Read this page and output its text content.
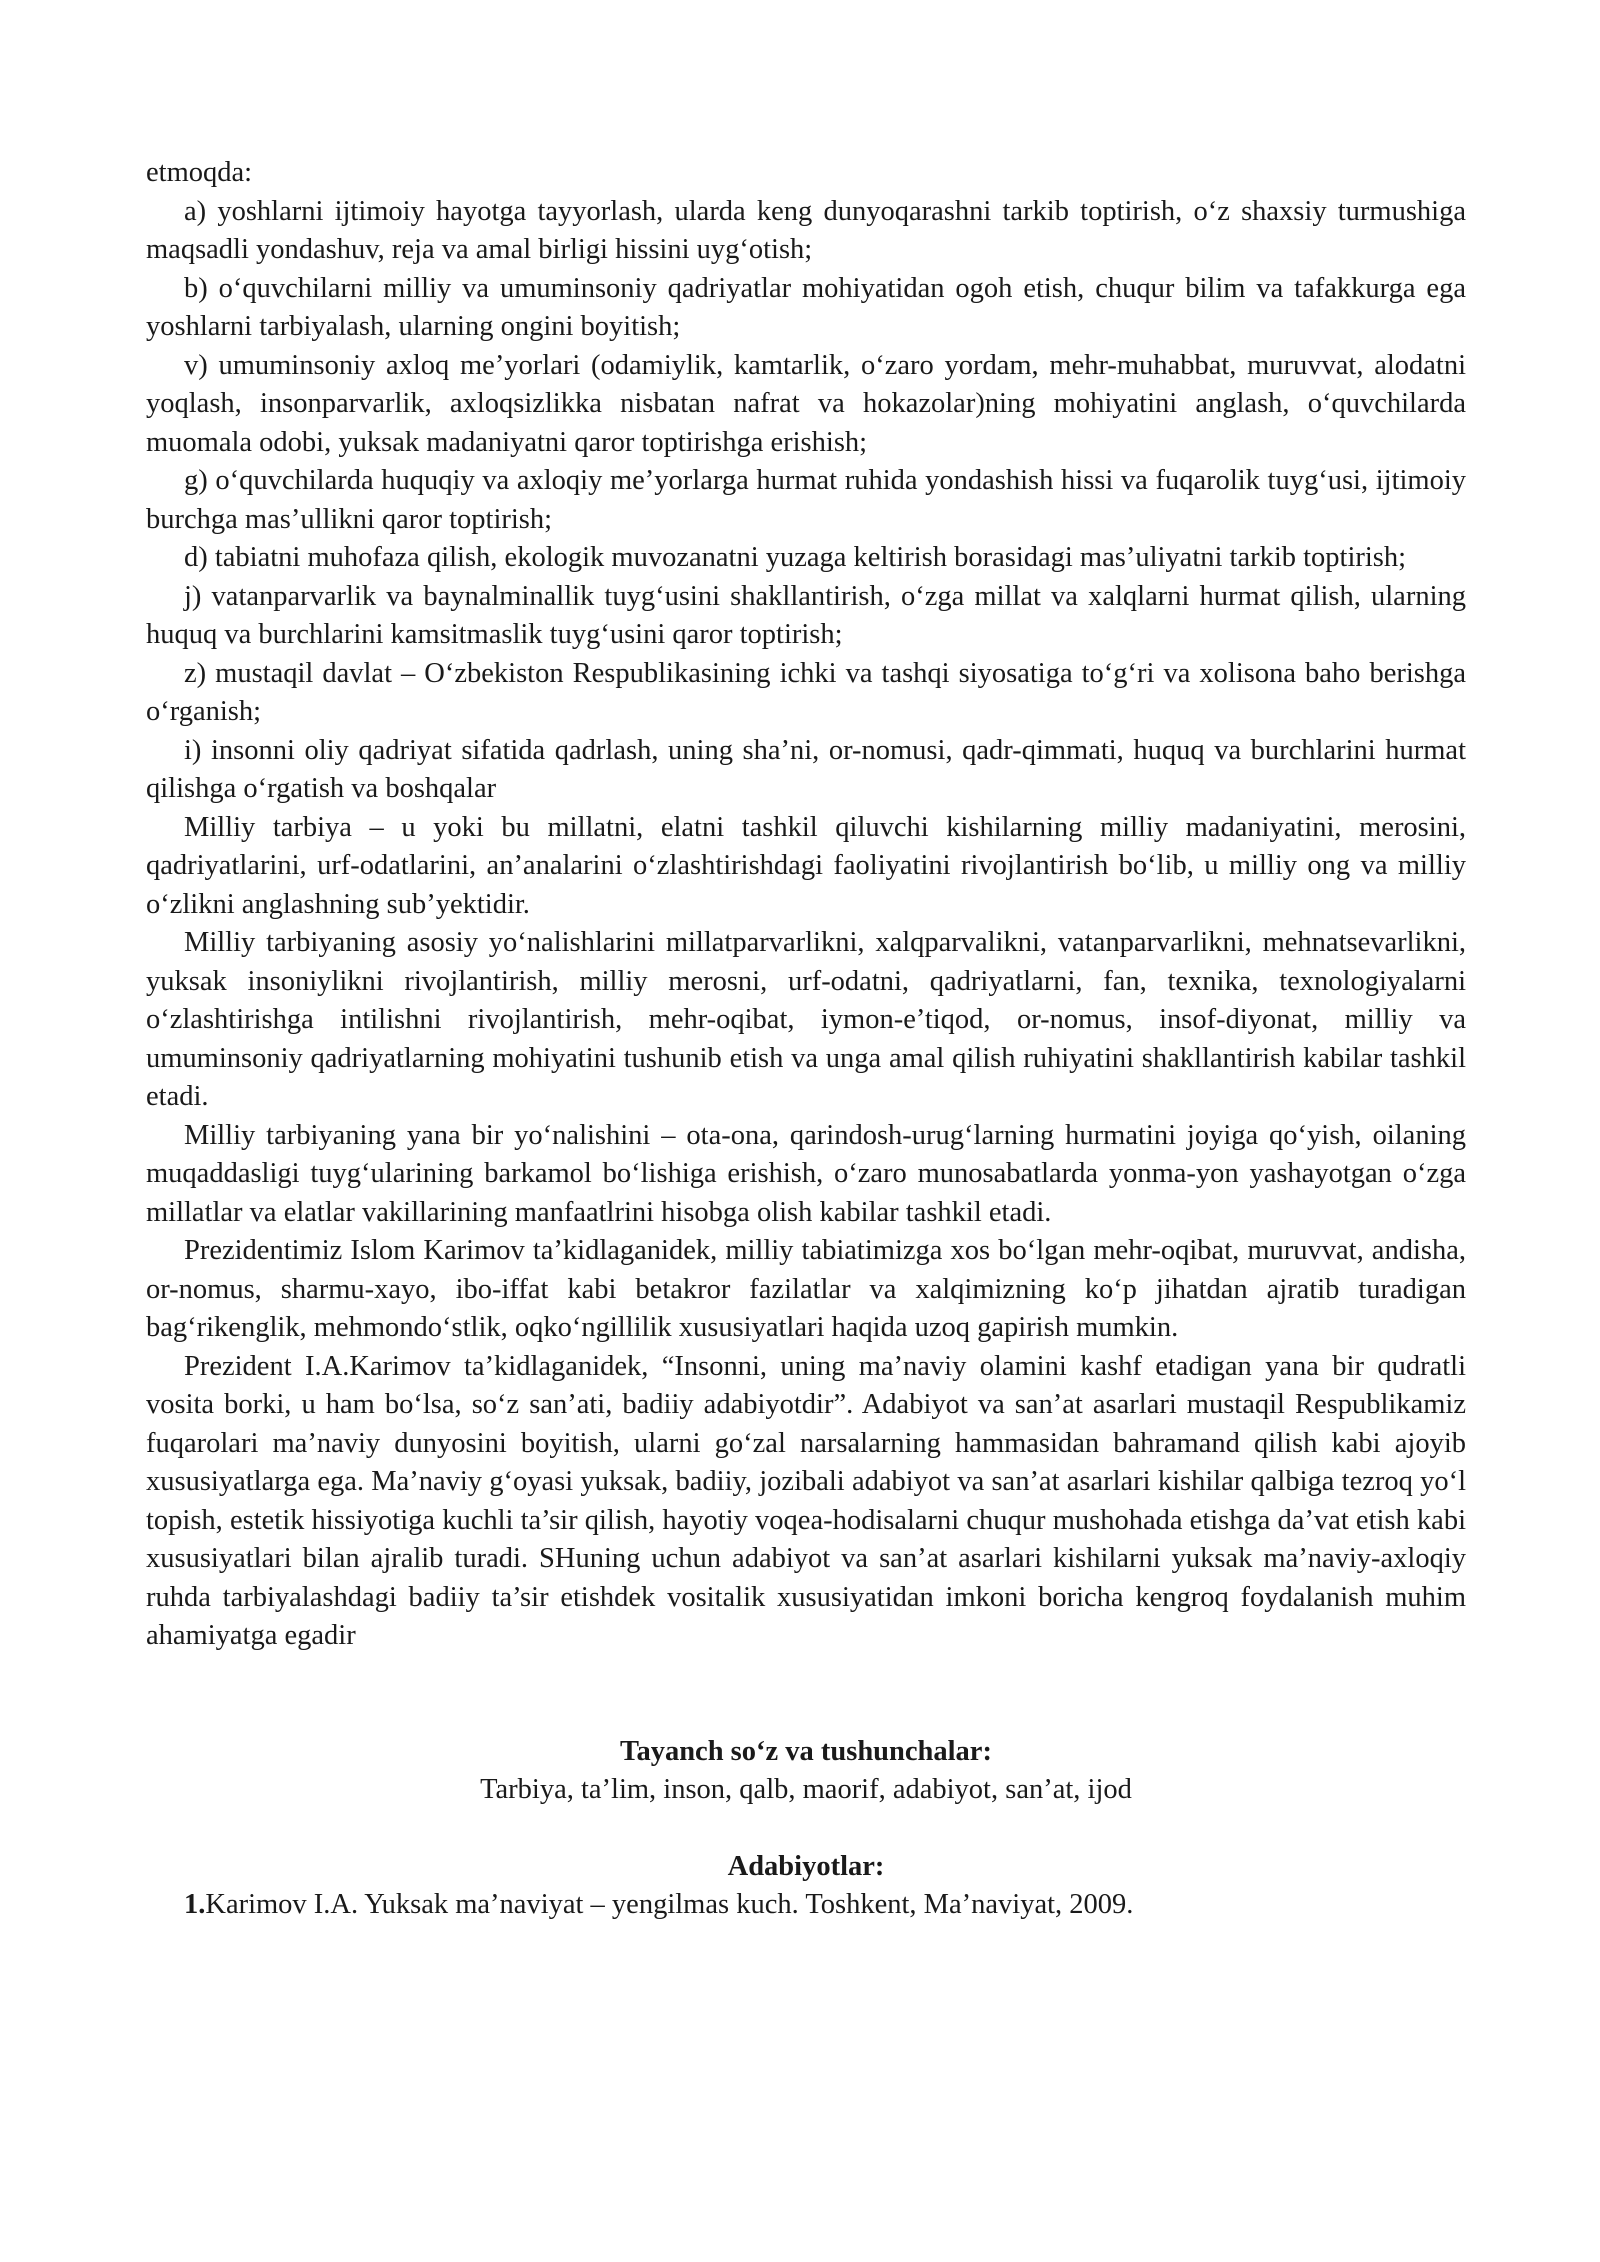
etmoqda:

a) yoshlarni ijtimoiy hayotga tayyorlash, ularda keng dunyoqarashni tarkib toptirish, o‘z shaxsiy turmushiga maqsadli yondashuv, reja va amal birligi hissini uyg‘otish;

b) o‘quvchilarni milliy va umuminsoniy qadriyatlar mohiyatidan ogoh etish, chuqur bilim va tafakkurga ega yoshlarni tarbiyalash, ularning ongini boyitish;

v) umuminsoniy axloq me’yorlari (odamiylik, kamtarlik, o‘zaro yordam, mehr-muhabbat, muruvvat, alodatni yoqlash, insonparvarlik, axloqsizlikka nisbatan nafrat va hokazolar)ning mohiyatini anglash, o‘quvchilarda muomala odobi, yuksak madaniyatni qaror toptirishga erishish;

g) o‘quvchilarda huquqiy va axloqiy me’yorlarga hurmat ruhida yondashish hissi va fuqarolik tuyg‘usi, ijtimoiy burchga mas’ullikni qaror toptirish;

d) tabiatni muhofaza qilish, ekologik muvozanatni yuzaga keltirish borasidagi mas’uliyatni tarkib toptirish;

j) vatanparvarlik va baynalminallik tuyg‘usini shakllantirish, o‘zga millat va xalqlarni hurmat qilish, ularning huquq va burchlarini kamsitmaslik tuyg‘usini qaror toptirish;

z) mustaqil davlat – O‘zbekiston Respublikasining ichki va tashqi siyosatiga to‘g‘ri va xolisona baho berishga o‘rganish;

i) insonni oliy qadriyat sifatida qadrlash, uning sha’ni, or-nomusi, qadr-qimmati, huquq va burchlarini hurmat qilishga o‘rgatish va boshqalar

Milliy tarbiya – u yoki bu millatni, elatni tashkil qiluvchi kishilarning milliy madaniyatini, merosini, qadriyatlarini, urf-odatlarini, an’analarini o‘zlashtirishdagi faoliyatini rivojlantirish bo‘lib, u milliy ong va milliy o‘zlikni anglashning sub’yektidir.

Milliy tarbiyaning asosiy yo‘nalishlarini millatparvarlikni, xalqparvalikni, vatanparvarlikni, mehnatsevarlikni, yuksak insoniylikni rivojlantirish, milliy merosni, urf-odatni, qadriyatlarni, fan, texnika, texnologiyalarni o‘zlashtirishga intilishni rivojlantirish, mehr-oqibat, iymon-e’tiqod, or-nomus, insof-diyonat, milliy va umuminsoniy qadriyatlarning mohiyatini tushunib etish va unga amal qilish ruhiyatini shakllantirish kabilar tashkil etadi.

Milliy tarbiyaning yana bir yo‘nalishini – ota-ona, qarindosh-urug‘larning hurmatini joyiga qo‘yish, oilaning muqaddasligi tuyg‘ularining barkamol bo‘lishiga erishish, o‘zaro munosabatlarda yonma-yon yashayotgan o‘zga millatlar va elatlar vakillarining manfaatlrini hisobga olish kabilar tashkil etadi.

Prezidentimiz Islom Karimov ta’kidlaganidek, milliy tabiatimizga xos bo‘lgan mehr-oqibat, muruvvat, andisha, or-nomus, sharmu-xayo, ibo-iffat kabi betakror fazilatlar va xalqimizning ko‘p jihatdan ajratib turadigan bag‘rikenglik, mehmondo‘stlik, oqko‘ngillilik xususiyatlari haqida uzoq gapirish mumkin.

Prezident I.A.Karimov ta’kidlaganidek, “Insonni, uning ma’naviy olamini kashf etadigan yana bir qudratli vosita borki, u ham bo‘lsa, so‘z san’ati, badiiy adabiyotdir”. Adabiyot va san’at asarlari mustaqil Respublikamiz fuqarolari ma’naviy dunyosini boyitish, ularni go‘zal narsalarning hammasidan bahramand qilish kabi ajoyib xususiyatlarga ega. Ma’naviy g‘oyasi yuksak, badiiy, jozibali adabiyot va san’at asarlari kishilar qalbiga tezroq yo‘l topish, estetik hissiyotiga kuchli ta’sir qilish, hayotiy voqea-hodisalarni chuqur mushohada etishga da’vat etish kabi xususiyatlari bilan ajralib turadi. SHuning uchun adabiyot va san’at asarlari kishilarni yuksak ma’naviy-axloqiy ruhda tarbiyalashdagi badiiy ta’sir etishdek vositalik xususiyatidan imkoni boricha kengroq foydalanish muhim ahamiyatga egadir

Tayanch so‘z va tushunchalar:

Tarbiya, ta’lim, inson, qalb, maorif, adabiyot, san’at, ijod

Adabiyotlar:

1.Karimov I.A. Yuksak ma’naviyat – yengilmas kuch. Toshkent, Ma’naviyat, 2009.
